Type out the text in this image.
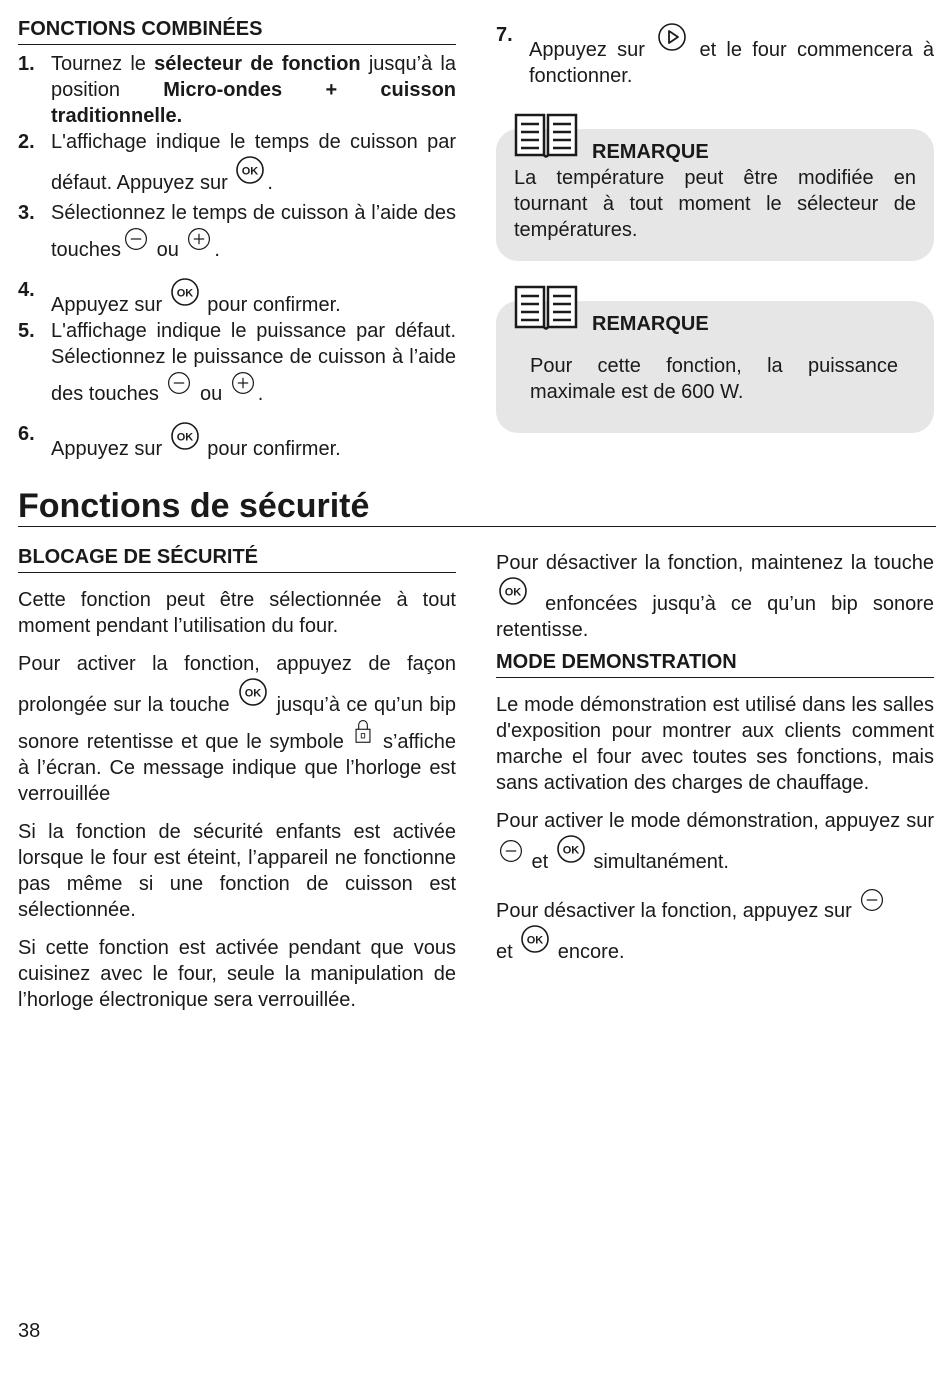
FONCTIONS COMBINÉES
1. Tournez le sélecteur de fonction jusqu’à la position Micro-ondes + cuisson traditionnelle.
2. L'affichage indique le temps de cuisson par défaut. Appuyez sur
OK
.
3. Sélectionnez le temps de cuisson à l’aide des touches
ou
.
4.
Appuyez sur
OK
pour confirmer.
5. L'affichage indique le puissance par défaut. Sélectionnez le puissance de cuisson à l’aide des touches
ou
.
6.
Appuyez sur
OK
pour confirmer.
7.
Appuyez sur
et le four commencera à fonctionner.
REMARQUE
La température peut être modifiée en tournant à tout moment le sélecteur de températures.
REMARQUE
Pour cette fonction, la puissance maximale est de 600 W.
Fonctions de sécurité
BLOCAGE DE SÉCURITÉ

Cette fonction peut être sélectionnée à tout moment pendant l’utilisation du four.

Pour activer la fonction, appuyez de façon prolongée sur la touche
OK
jusqu’à ce qu’un bip sonore retentisse et que le symbole
s’affiche à l’écran. Ce message indique que l’horloge est verrouillée

Si la fonction de sécurité enfants est activée lorsque le four est éteint, l’appareil ne fonctionne pas même si une fonction de cuisson est sélectionnée.

Si cette fonction est activée pendant que vous cuisinez avec le four, seule la manipulation de l’horloge électronique sera verrouillée.

Pour désactiver la fonction, maintenez la touche
OK
enfoncées jusqu’à ce qu’un bip sonore retentisse.

MODE DEMONSTRATION

Le mode démonstration est utilisé dans les salles d'exposition pour montrer aux clients comment marche el four avec toutes ses fonctions, mais sans activation des charges de chauffage.

Pour activer le mode démonstration, appuyez sur
et
OK
simultanément.

Pour désactiver la fonction, appuyez sur

et
OK
encore.

38
